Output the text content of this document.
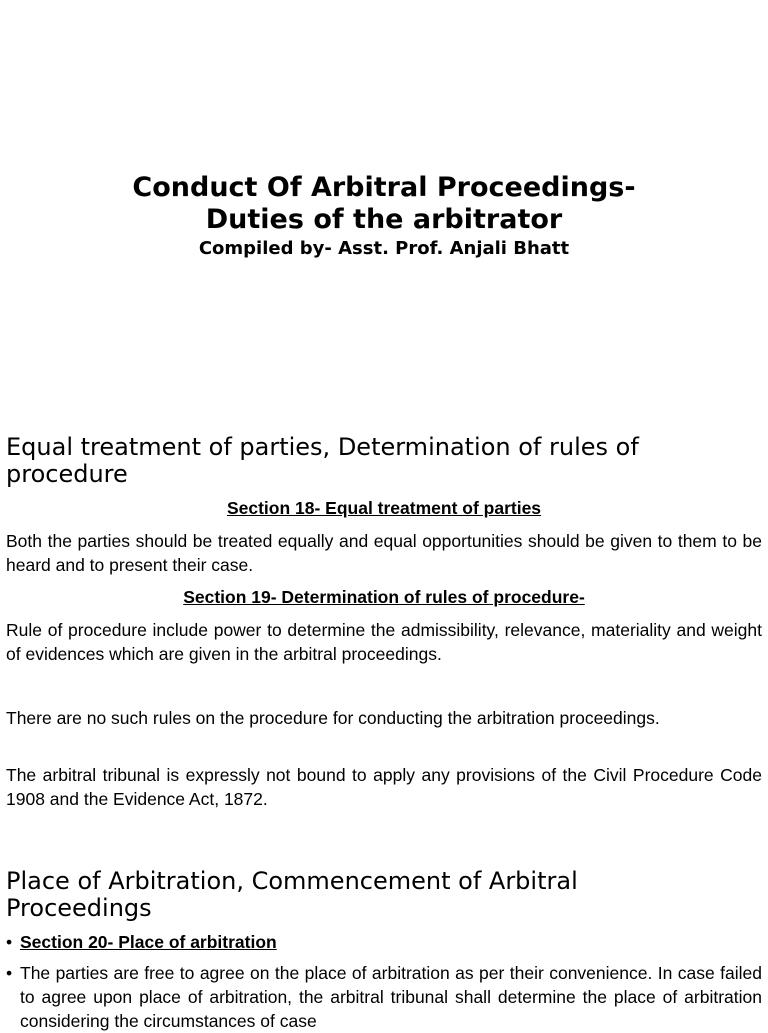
Conduct Of Arbitral Proceedings-
Duties of the arbitrator

Compiled by- Asst. Prof. Anjali Bhatt

Equal treatment of parties, Determination of rules of procedure

Section 18- Equal treatment of parties

Both the parties should be treated equally and equal opportunities should be given to them to be heard and to present their case.

Section 19- Determination of rules of procedure-

Rule of procedure include power to determine the admissibility, relevance, materiality and weight of evidences which are given in the arbitral proceedings.

There are no such rules on the procedure for conducting the arbitration proceedings.

The arbitral tribunal is expressly not bound to apply any provisions of the Civil Procedure Code 1908 and the Evidence Act, 1872.

Place of Arbitration, Commencement of Arbitral Proceedings
• Section 20- Place of arbitration
• The parties are free to agree on the place of arbitration as per their convenience. In case failed to agree upon place of arbitration, the arbitral tribunal shall determine the place of arbitration considering the circumstances of case
